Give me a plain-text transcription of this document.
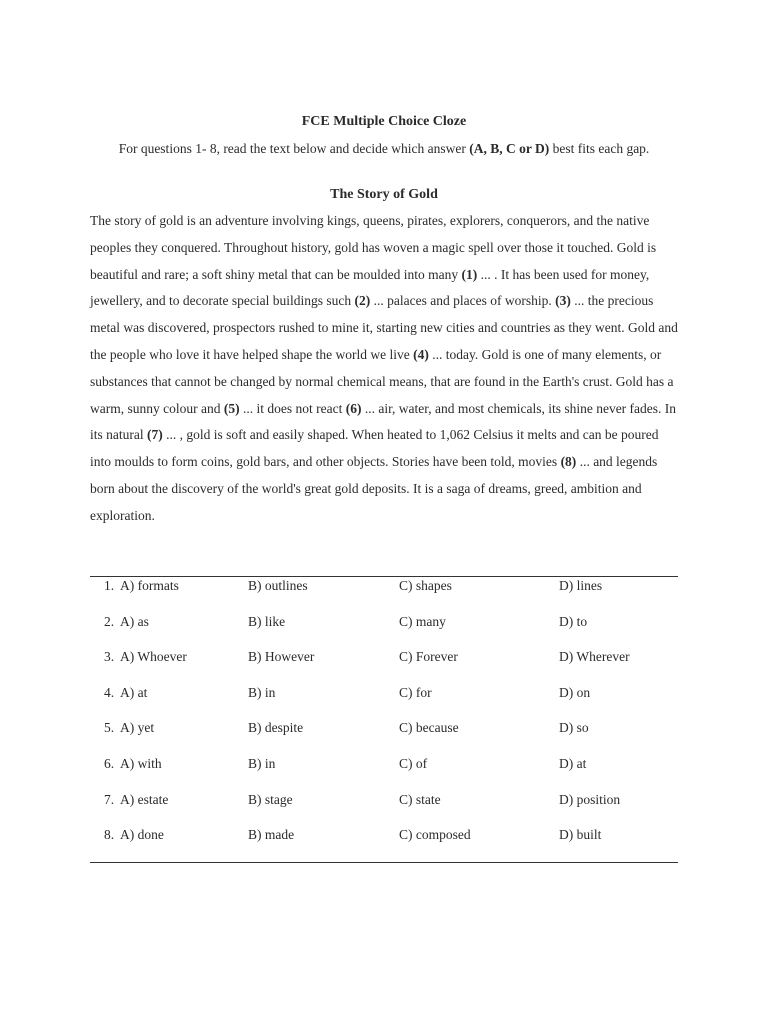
FCE Multiple Choice Cloze
For questions 1- 8, read the text below and decide which answer (A, B, C or D) best fits each gap.
The Story of Gold

The story of gold is an adventure involving kings, queens, pirates, explorers, conquerors, and the native peoples they conquered. Throughout history, gold has woven a magic spell over those it touched. Gold is beautiful and rare; a soft shiny metal that can be moulded into many (1) ... . It has been used for money, jewellery, and to decorate special buildings such (2) ... palaces and places of worship. (3) ... the precious metal was discovered, prospectors rushed to mine it, starting new cities and countries as they went. Gold and the people who love it have helped shape the world we live (4) ... today. Gold is one of many elements, or substances that cannot be changed by normal chemical means, that are found in the Earth's crust. Gold has a warm, sunny colour and (5) ... it does not react (6) ... air, water, and most chemicals, its shine never fades. In its natural (7) ... , gold is soft and easily shaped. When heated to 1,062 Celsius it melts and can be poured into moulds to form coins, gold bars, and other objects. Stories have been told, movies (8) ... and legends born about the discovery of the world's great gold deposits. It is a saga of dreams, greed, ambition and exploration.

1. A) formats	B) outlines	C) shapes	D) lines
2. A) as	B) like	C) many	D) to
3. A) Whoever	B) However	C) Forever	D) Wherever
4. A) at	B) in	C) for	D) on
5. A) yet	B) despite	C) because	D) so
6. A) with	B) in	C) of	D) at
7. A) estate	B) stage	C) state	D) position
8. A) done	B) made	C) composed	D) built
